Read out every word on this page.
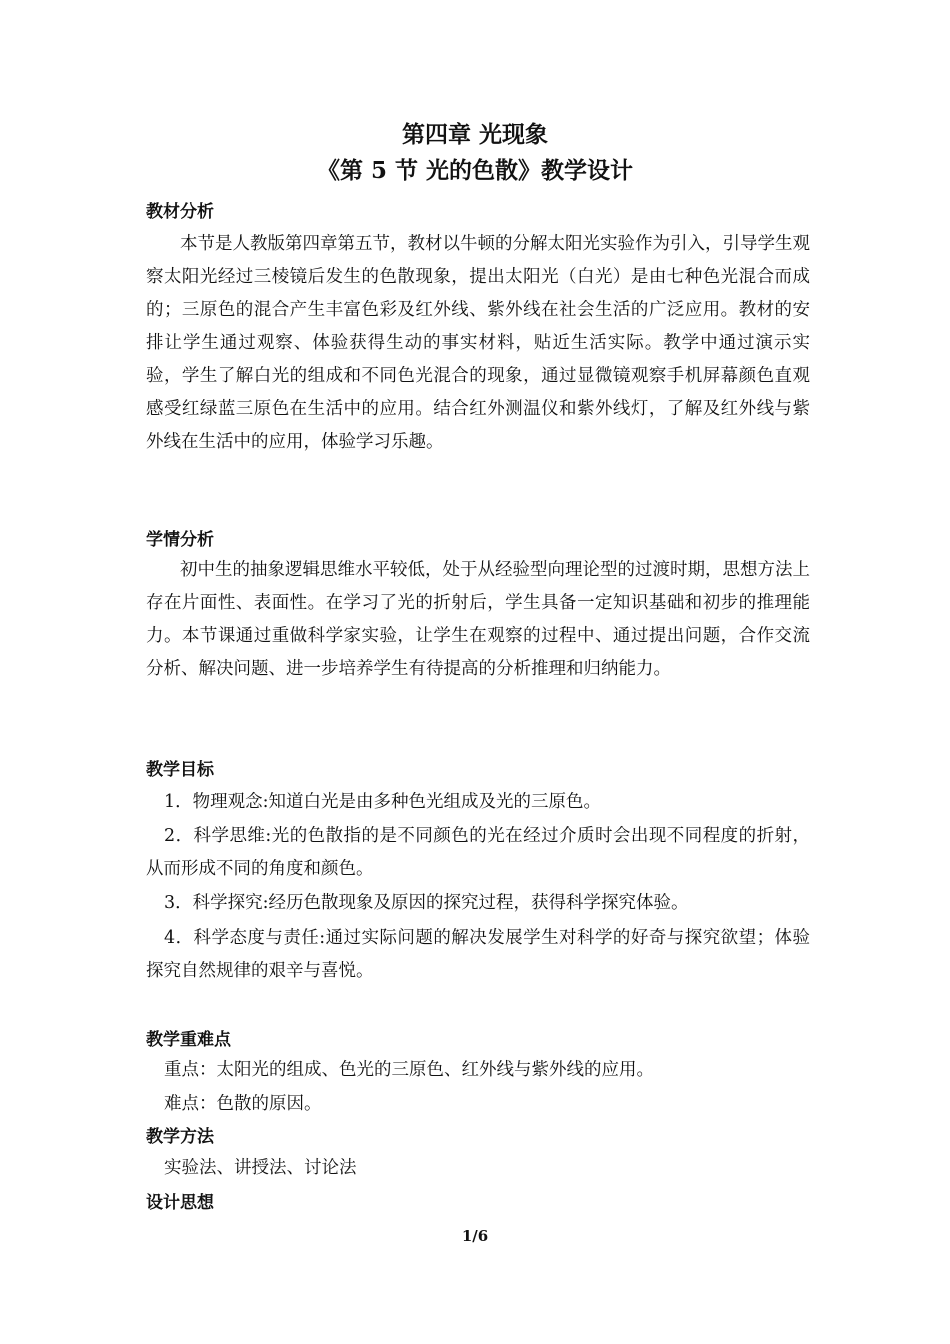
第四章 光现象
《第 5 节 光的色散》教学设计
教材分析

本节是人教版第四章第五节，教材以牛顿的分解太阳光实验作为引入，引导学生观察太阳光经过三棱镜后发生的色散现象，提出太阳光（白光）是由七种色光混合而成的；三原色的混合产生丰富色彩及红外线、紫外线在社会生活的广泛应用。教材的安排让学生通过观察、体验获得生动的事实材料，贴近生活实际。教学中通过演示实验，学生了解白光的组成和不同色光混合的现象，通过显微镜观察手机屏幕颜色直观感受红绿蓝三原色在生活中的应用。结合红外测温仪和紫外线灯，了解及红外线与紫外线在生活中的应用，体验学习乐趣。

学情分析

初中生的抽象逻辑思维水平较低，处于从经验型向理论型的过渡时期，思想方法上存在片面性、表面性。在学习了光的折射后，学生具备一定知识基础和初步的推理能力。本节课通过重做科学家实验，让学生在观察的过程中、通过提出问题，合作交流分析、解决问题、进一步培养学生有待提高的分析推理和归纳能力。

教学目标

1．物理观念:知道白光是由多种色光组成及光的三原色。

2．科学思维:光的色散指的是不同颜色的光在经过介质时会出现不同程度的折射，从而形成不同的角度和颜色。

3．科学探究:经历色散现象及原因的探究过程，获得科学探究体验。

4．科学态度与责任:通过实际问题的解决发展学生对科学的好奇与探究欲望；体验探究自然规律的艰辛与喜悦。

教学重难点

重点：太阳光的组成、色光的三原色、红外线与紫外线的应用。

难点：色散的原因。

教学方法

实验法、讲授法、讨论法

设计思想
1/6
